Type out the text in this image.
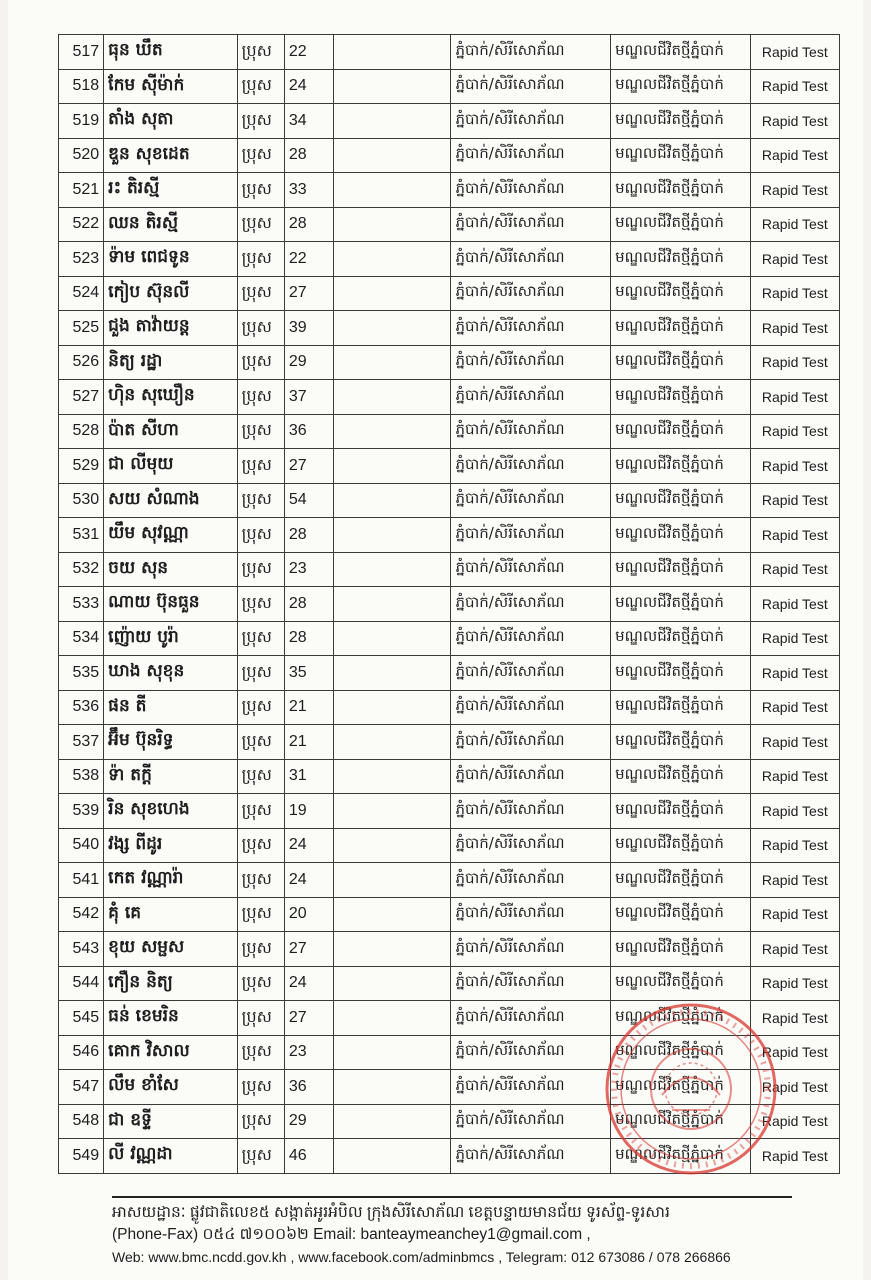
517	ធុន ឃឹត	ប្រុស	22		ភ្នំបាក់/សិរីសោភ័ណ	មណ្ឌលជីវិតថ្មីភ្នំបាក់	Rapid Test
518	កែម ស៊ីម៉ាក់	ប្រុស	24		ភ្នំបាក់/សិរីសោភ័ណ	មណ្ឌលជីវិតថ្មីភ្នំបាក់	Rapid Test
519	តាំង សុតា	ប្រុស	34		ភ្នំបាក់/សិរីសោភ័ណ	មណ្ឌលជីវិតថ្មីភ្នំបាក់	Rapid Test
520	ឌួន សុខដេត	ប្រុស	28		ភ្នំបាក់/សិរីសោភ័ណ	មណ្ឌលជីវិតថ្មីភ្នំបាក់	Rapid Test
521	រះ តិរស្មី	ប្រុស	33		ភ្នំបាក់/សិរីសោភ័ណ	មណ្ឌលជីវិតថ្មីភ្នំបាក់	Rapid Test
522	ឈន តិរស្មី	ប្រុស	28		ភ្នំបាក់/សិរីសោភ័ណ	មណ្ឌលជីវិតថ្មីភ្នំបាក់	Rapid Test
523	ទ៉ាម ពេជទូន	ប្រុស	22		ភ្នំបាក់/សិរីសោភ័ណ	មណ្ឌលជីវិតថ្មីភ្នំបាក់	Rapid Test
524	កៀប ស៊ុនលី	ប្រុស	27		ភ្នំបាក់/សិរីសោភ័ណ	មណ្ឌលជីវិតថ្មីភ្នំបាក់	Rapid Test
525	ជួង តាវ៉ាយន្ត	ប្រុស	39		ភ្នំបាក់/សិរីសោភ័ណ	មណ្ឌលជីវិតថ្មីភ្នំបាក់	Rapid Test
526	និត្យ រដ្ឋា	ប្រុស	29		ភ្នំបាក់/សិរីសោភ័ណ	មណ្ឌលជីវិតថ្មីភ្នំបាក់	Rapid Test
527	ហ៊ិន សុឃឿន	ប្រុស	37		ភ្នំបាក់/សិរីសោភ័ណ	មណ្ឌលជីវិតថ្មីភ្នំបាក់	Rapid Test
528	ប៉ាត សីហា	ប្រុស	36		ភ្នំបាក់/សិរីសោភ័ណ	មណ្ឌលជីវិតថ្មីភ្នំបាក់	Rapid Test
529	ជា លីមុយ	ប្រុស	27		ភ្នំបាក់/សិរីសោភ័ណ	មណ្ឌលជីវិតថ្មីភ្នំបាក់	Rapid Test
530	សយ សំណាង	ប្រុស	54		ភ្នំបាក់/សិរីសោភ័ណ	មណ្ឌលជីវិតថ្មីភ្នំបាក់	Rapid Test
531	យឹម សុវណ្ណា	ប្រុស	28		ភ្នំបាក់/សិរីសោភ័ណ	មណ្ឌលជីវិតថ្មីភ្នំបាក់	Rapid Test
532	ចយ សុន	ប្រុស	23		ភ្នំបាក់/សិរីសោភ័ណ	មណ្ឌលជីវិតថ្មីភ្នំបាក់	Rapid Test
533	ណាយ ប៊ុនធួន	ប្រុស	28		ភ្នំបាក់/សិរីសោភ័ណ	មណ្ឌលជីវិតថ្មីភ្នំបាក់	Rapid Test
534	ញ៉ោយ បូរ៉ា	ប្រុស	28		ភ្នំបាក់/សិរីសោភ័ណ	មណ្ឌលជីវិតថ្មីភ្នំបាក់	Rapid Test
535	ឃាង សុខុន	ប្រុស	35		ភ្នំបាក់/សិរីសោភ័ណ	មណ្ឌលជីវិតថ្មីភ្នំបាក់	Rapid Test
536	ផន តី	ប្រុស	21		ភ្នំបាក់/សិរីសោភ័ណ	មណ្ឌលជីវិតថ្មីភ្នំបាក់	Rapid Test
537	អ៊ឹម ប៊ុនរិទ្ធ	ប្រុស	21		ភ្នំបាក់/សិរីសោភ័ណ	មណ្ឌលជីវិតថ្មីភ្នំបាក់	Rapid Test
538	ទ៉ា តក្តី	ប្រុស	31		ភ្នំបាក់/សិរីសោភ័ណ	មណ្ឌលជីវិតថ្មីភ្នំបាក់	Rapid Test
539	រិន សុខហេង	ប្រុស	19		ភ្នំបាក់/សិរីសោភ័ណ	មណ្ឌលជីវិតថ្មីភ្នំបាក់	Rapid Test
540	វង្ស ពីដូរ	ប្រុស	24		ភ្នំបាក់/សិរីសោភ័ណ	មណ្ឌលជីវិតថ្មីភ្នំបាក់	Rapid Test
541	កេត វណ្ណារ៉ា	ប្រុស	24		ភ្នំបាក់/សិរីសោភ័ណ	មណ្ឌលជីវិតថ្មីភ្នំបាក់	Rapid Test
542	គុំ គេ	ប្រុស	20		ភ្នំបាក់/សិរីសោភ័ណ	មណ្ឌលជីវិតថ្មីភ្នំបាក់	Rapid Test
543	ខុយ សម្ផស	ប្រុស	27		ភ្នំបាក់/សិរីសោភ័ណ	មណ្ឌលជីវិតថ្មីភ្នំបាក់	Rapid Test
544	កឿន និត្យ	ប្រុស	24		ភ្នំបាក់/សិរីសោភ័ណ	មណ្ឌលជីវិតថ្មីភ្នំបាក់	Rapid Test
545	ធន់ ខេមរិន	ប្រុស	27		ភ្នំបាក់/សិរីសោភ័ណ	មណ្ឌលជីវិតថ្មីភ្នំបាក់	Rapid Test
546	គោក វិសាល	ប្រុស	23		ភ្នំបាក់/សិរីសោភ័ណ	មណ្ឌលជីវិតថ្មីភ្នំបាក់	Rapid Test
547	លឹម ខាំសែ	ប្រុស	36		ភ្នំបាក់/សិរីសោភ័ណ	មណ្ឌលជីវិតថ្មីភ្នំបាក់	Rapid Test
548	ជា ឧទ្ទី	ប្រុស	29		ភ្នំបាក់/សិរីសោភ័ណ	មណ្ឌលជីវិតថ្មីភ្នំបាក់	Rapid Test
549	លី វណ្ណដា	ប្រុស	46		ភ្នំបាក់/សិរីសោភ័ណ	មណ្ឌលជីវិតថ្មីភ្នំបាក់	Rapid Test
អាសយដ្ឋានៈ ផ្លូវជាតិលេខ៥ សង្កាត់អូរអំបិល ក្រុងសិរីសោភ័ណ ខេត្តបន្ទាយមានជ័យ ទូរស័ព្ទ-ទូរសារ
(Phone-Fax) ០៥៤ ៧១០០៦២ Email: banteaymeanchey1@gmail.com ,
Web: www.bmc.ncdd.gov.kh , www.facebook.com/adminbmcs , Telegram: 012 673086 / 078 266866
